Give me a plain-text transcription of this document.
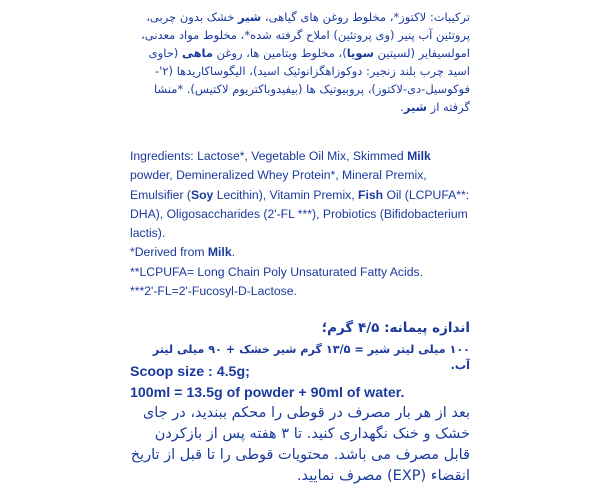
ترکیبات: لاکتوز*، مخلوط روغن های گیاهی، شیر خشک بدون چربی، پروتئین آب پنیر (وی پروتئین) املاح گرفته شده*، مخلوط مواد معدنی، امولسیفایر (لسیتین سویا)، مخلوط ویتامین ها، روغن ماهی (حاوی اسید چرب بلند زنجیر: دوکوزاهگزانوئیک اسید)، الیگوساکاریدها (۲'-فوکوسیل-دی-لاکتوز)، پروبیوتیک ها (بیفیدوباکتریوم لاکتیس). *منشا گرفته از شیر.

Ingredients: Lactose*, Vegetable Oil Mix, Skimmed Milk powder, Demineralized Whey Protein*, Mineral Premix, Emulsifier (Soy Lecithin), Vitamin Premix, Fish Oil (LCPUFA**: DHA), Oligosaccharides (2'-FL ***), Probiotics (Bifidobacterium lactis).
*Derived from Milk.
**LCPUFA= Long Chain Poly Unsaturated Fatty Acids.
***2'-FL=2'-Fucosyl-D-Lactose.
اندازه پیمانه: ۴/۵ گرم؛
۱۰۰ میلی لیتر شیر = ۱۳/۵ گرم شیر خشک + ۹۰ میلی لیتر آب.
Scoop size : 4.5g;
100ml = 13.5g of powder + 90ml of water.

بعد از هر بار مصرف در قوطی را محکم ببندید، در جای خشک و خنک نگهداری کنید. تا ۳ هفته پس از بازکردن قابل مصرف می باشد. محتویات قوطی را تا قبل از تاریخ انقضاء (EXP) مصرف نمایید.
